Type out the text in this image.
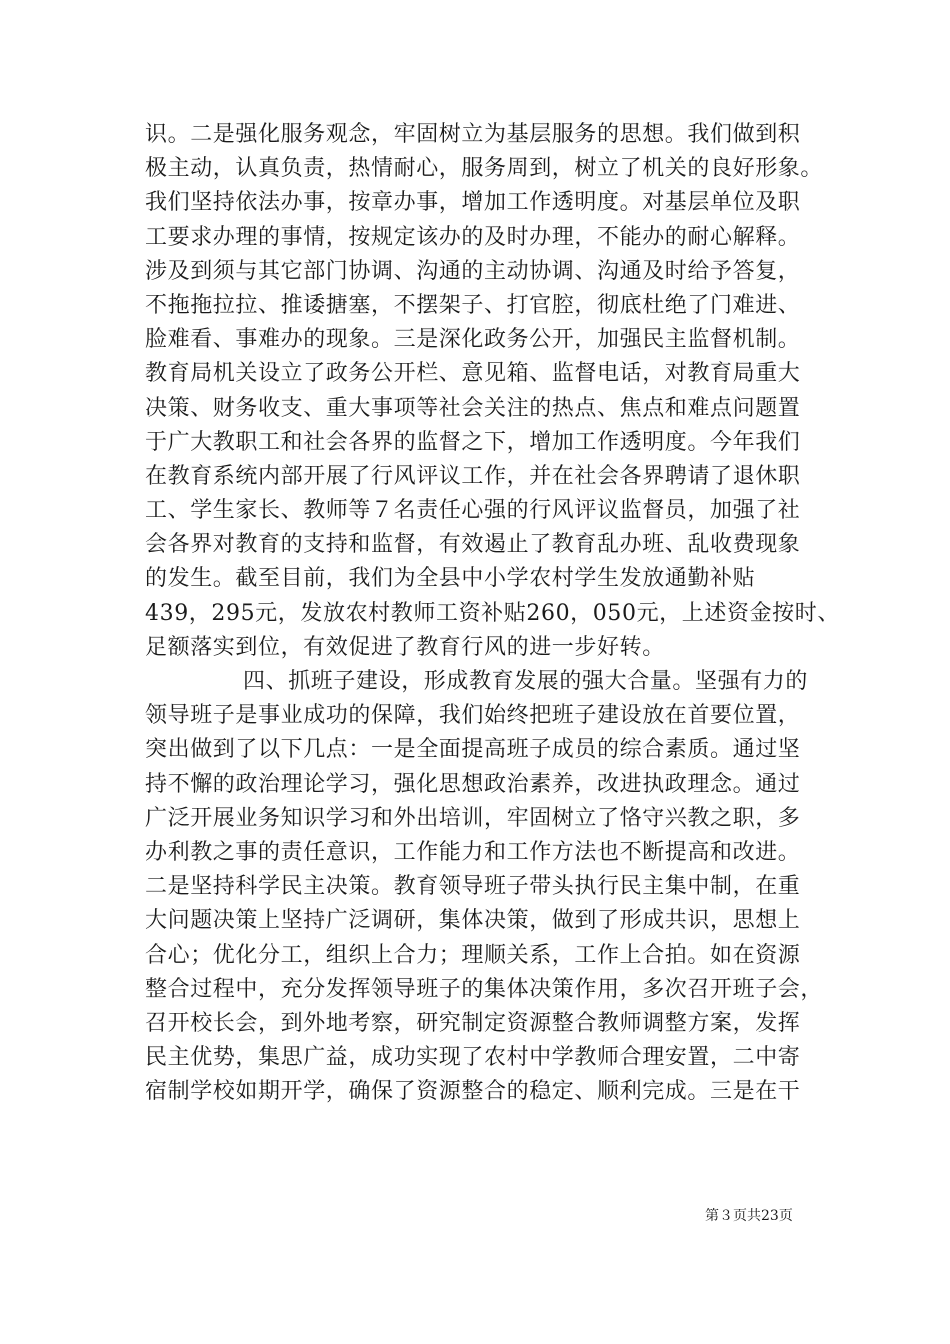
识。二是强化服务观念，牢固树立为基层服务的思想。我们做到积
极主动，认真负责，热情耐心，服务周到，树立了机关的良好形象。
我们坚持依法办事，按章办事，增加工作透明度。对基层单位及职
工要求办理的事情，按规定该办的及时办理，不能办的耐心解释。
涉及到须与其它部门协调、沟通的主动协调、沟通及时给予答复，
不拖拖拉拉、推诿搪塞，不摆架子、打官腔，彻底杜绝了门难进、
脸难看、事难办的现象。三是深化政务公开，加强民主监督机制。
教育局机关设立了政务公开栏、意见箱、监督电话，对教育局重大
决策、财务收支、重大事项等社会关注的热点、焦点和难点问题置
于广大教职工和社会各界的监督之下，增加工作透明度。今年我们
在教育系统内部开展了行风评议工作，并在社会各界聘请了退休职
工、学生家长、教师等７名责任心强的行风评议监督员，加强了社
会各界对教育的支持和监督，有效遏止了教育乱办班、乱收费现象
的发生。截至目前，我们为全县中小学农村学生发放通勤补贴
439，295元，发放农村教师工资补贴260，050元，上述资金按时、
足额落实到位，有效促进了教育行风的进一步好转。
四、抓班子建设，形成教育发展的强大合量。坚强有力的
领导班子是事业成功的保障，我们始终把班子建设放在首要位置，
突出做到了以下几点：一是全面提高班子成员的综合素质。通过坚
持不懈的政治理论学习，强化思想政治素养，改进执政理念。通过
广泛开展业务知识学习和外出培训，牢固树立了恪守兴教之职，多
办利教之事的责任意识，工作能力和工作方法也不断提高和改进。
二是坚持科学民主决策。教育领导班子带头执行民主集中制，在重
大问题决策上坚持广泛调研，集体决策，做到了形成共识，思想上
合心；优化分工，组织上合力；理顺关系，工作上合拍。如在资源
整合过程中，充分发挥领导班子的集体决策作用，多次召开班子会，
召开校长会，到外地考察，研究制定资源整合教师调整方案，发挥
民主优势，集思广益，成功实现了农村中学教师合理安置，二中寄
宿制学校如期开学，确保了资源整合的稳定、顺利完成。三是在干
第３页共23页
